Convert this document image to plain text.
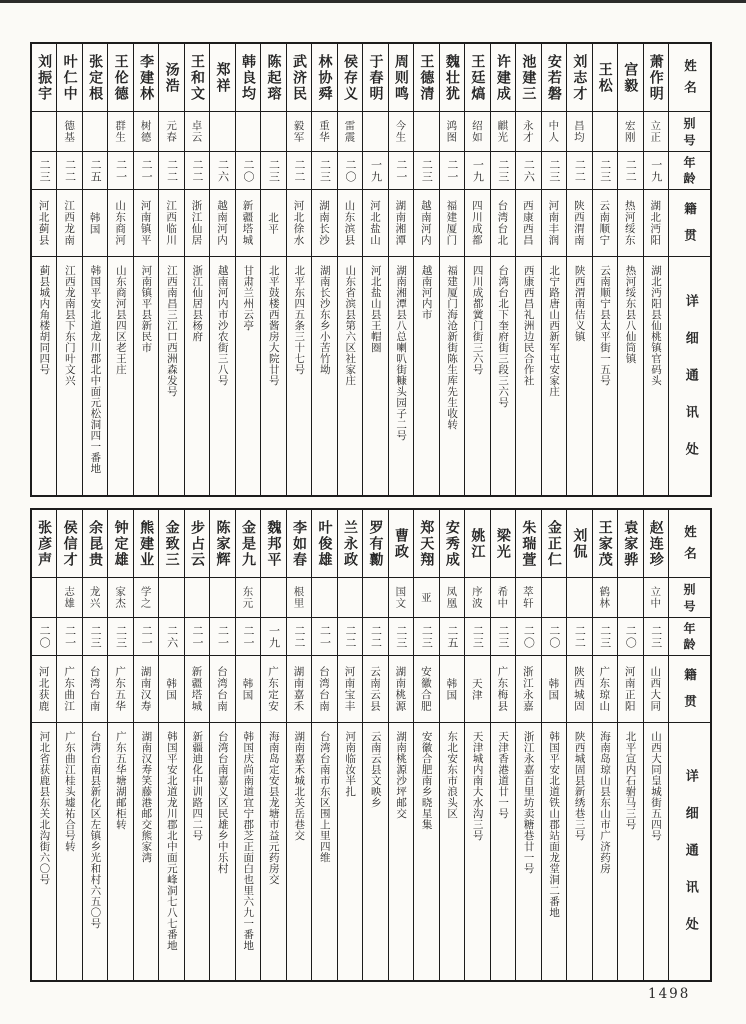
姓名
别号
年龄
籍贯
详细通讯处
萧作明
立正
一九
湖北沔阳
湖北沔阳县仙桃镇官码头
宫毅
宏刚
二二
热河绥东
热河绥东县八仙筒镇
王松
二三
云南顺宁
云南顺宁县太平街一五号
刘志才
昌均
二二
陕西渭南
陕西渭南佶义镇
安若磐
中人
二三
河南丰润
北宁路唐山西新军屯安家庄
池建三
永才
二六
西康西昌
西康西昌礼洲边民合作社
许建成
麒光
二三
台湾台北
台湾台北下奎府街三段三六号
王廷熇
绍如
一九
四川成都
四川成都黉门街三六号
魏壮犹
鸿图
二一
福建厦门
福建厦门海沧新街陈生库先生收转
王德清
二三
越南河内
越南河内市
周则鸣
今生
二一
湖南湘潭
湖南湘潭县八总喇叭街糠头园子二号
于春明
一九
河北盐山
河北盐山县王帽圈
侯存义
雷震
二〇
山东滨县
山东省滨县第六区社家庄
林协舜
重华
二三
湖南长沙
湖南长沙东乡小苦竹坳
武济民
毅军
二二
河北徐水
北平东四五条三十七号
陈起瑢
二三
北平
北平鼓楼西酱房大院廿号
韩良均
二〇
新疆塔城
甘肃兰州云亭
郑祥
二六
越南河内
越南河内市沙农街三八号
王和文
卓云
二二
浙江仙居
浙江仙居县杨府
汤浩
元春
二二
江西临川
江西南昌三江口西洲森发号
李建林
树德
二一
河南镇平
河南镇平县新民市
王伦德
群生
二一
山东商河
山东商河县四区老王庄
张定根
二五
韩国
韩国平安北道龙川郡北中面元松洞四一番地
叶仁中
德基
二二
江西龙南
江西龙南县下东门叶文兴
刘振宇
二三
河北蓟县
蓟县城内角楼胡同四号
姓名
别号
年龄
籍贯
详细通讯处
赵连珍
立中
二三
山西大同
山西大同皇城街五四号
袁家骅
二〇
河南正阳
北平宣内石驸马三号
王家茂
鹤林
二三
广东琼山
海南岛琼山县东山市广济药房
刘侃
二二
陕西城固
陕西城固县新绣巷三号
金正仁
二〇
韩国
韩国平安北道铁山郡站面龙堂洞二番地
朱瑞萱
萃轩
二〇
浙江永嘉
浙江永嘉百里坊卖糖巷廿一号
梁光
希中
二三
广东梅县
天津香港道廿一号
姚江
序波
二三
天津
天津城内南大水沟三号
安秀成
凤凰
二五
韩国
东北安东市浪头区
郑天翔
亚
二三
安徽合肥
安徽合肥南乡晓星集
曹政
国文
二三
湖南桃源
湖南桃源沙坪邮交
罗有勷
二二
云南云县
云南云县文映乡
兰永政
二二
河南宝丰
河南临汝半扎
叶俊雄
二一
台湾台南
台湾台南市东区围上里四维
李如春
根里
二二
湖南嘉禾
湖南嘉禾城北关岳巷交
魏邦平
一九
广东定安
海南岛定安县龙塘市益元药房交
金是九
东元
二一
韩国
韩国庆尚南道宜宁郡芝正面白也里六九一番地
陈家辉
二一
台湾台南
台湾台南嘉义区民雄乡中乐村
步占云
二一
新疆塔城
新疆迪化中训路四二号
金致三
二六
韩国
韩国平安北道龙川郡北中面元峰洞七八七番地
熊建业
学之
二一
湖南汉寿
湖南汉寿笑藤港邮交熊家湾
钟定雄
家杰
二三
广东五华
广东五华塘湖邮柜转
余昆贵
龙兴
二三
台湾台南
台湾台南县新化区左镇乡光和村六五〇号
侯信才
志雄
二一
广东曲江
广东曲江桂头墟祐合号转
张彦声
二〇
河北获鹿
河北省获鹿县东关北沟街六〇号
1498
